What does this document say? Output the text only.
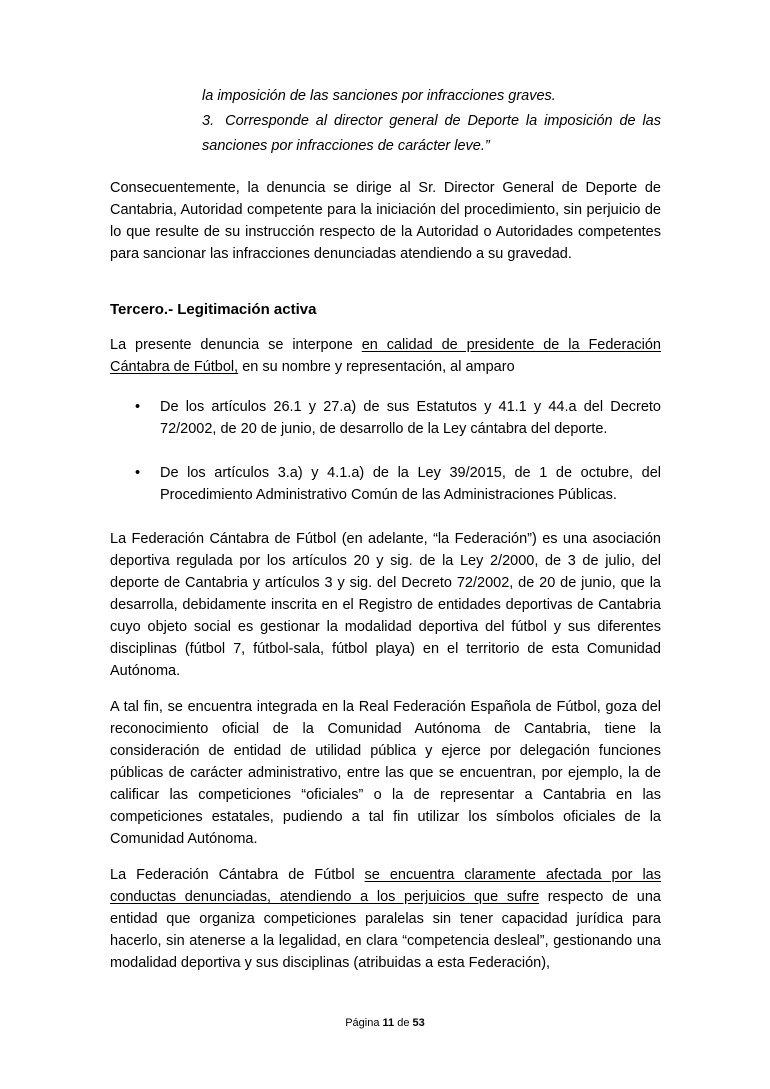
la imposición de las sanciones por infracciones graves.

3. Corresponde al director general de Deporte la imposición de las sanciones por infracciones de carácter leve.”

Consecuentemente, la denuncia se dirige al Sr. Director General de Deporte de Cantabria, Autoridad competente para la iniciación del procedimiento, sin perjuicio de lo que resulte de su instrucción respecto de la Autoridad o Autoridades competentes para sancionar las infracciones denunciadas atendiendo a su gravedad.

Tercero.- Legitimación activa

La presente denuncia se interpone en calidad de presidente de la Federación Cántabra de Fútbol, en su nombre y representación, al amparo

•	De los artículos 26.1 y 27.a) de sus Estatutos y 41.1 y 44.a del Decreto 72/2002, de 20 de junio, de desarrollo de la Ley cántabra del deporte.
•	De los artículos 3.a) y 4.1.a) de la Ley 39/2015, de 1 de octubre, del Procedimiento Administrativo Común de las Administraciones Públicas.

La Federación Cántabra de Fútbol (en adelante, “la Federación”) es una asociación deportiva regulada por los artículos 20 y sig. de la Ley 2/2000, de 3 de julio, del deporte de Cantabria y artículos 3 y sig. del Decreto 72/2002, de 20 de junio, que la desarrolla, debidamente inscrita en el Registro de entidades deportivas de Cantabria cuyo objeto social es gestionar la modalidad deportiva del fútbol y sus diferentes disciplinas (fútbol 7, fútbol-sala, fútbol playa) en el territorio de esta Comunidad Autónoma.

A tal fin, se encuentra integrada en la Real Federación Española de Fútbol, goza del reconocimiento oficial de la Comunidad Autónoma de Cantabria, tiene la consideración de entidad de utilidad pública y ejerce por delegación funciones públicas de carácter administrativo, entre las que se encuentran, por ejemplo, la de calificar las competiciones “oficiales” o la de representar a Cantabria en las competiciones estatales, pudiendo a tal fin utilizar los símbolos oficiales de la Comunidad Autónoma.

La Federación Cántabra de Fútbol se encuentra claramente afectada por las conductas denunciadas, atendiendo a los perjuicios que sufre respecto de una entidad que organiza competiciones paralelas sin tener capacidad jurídica para hacerlo, sin atenerse a la legalidad, en clara “competencia desleal”, gestionando una modalidad deportiva y sus disciplinas (atribuidas a esta Federación),

Página 11 de 53
